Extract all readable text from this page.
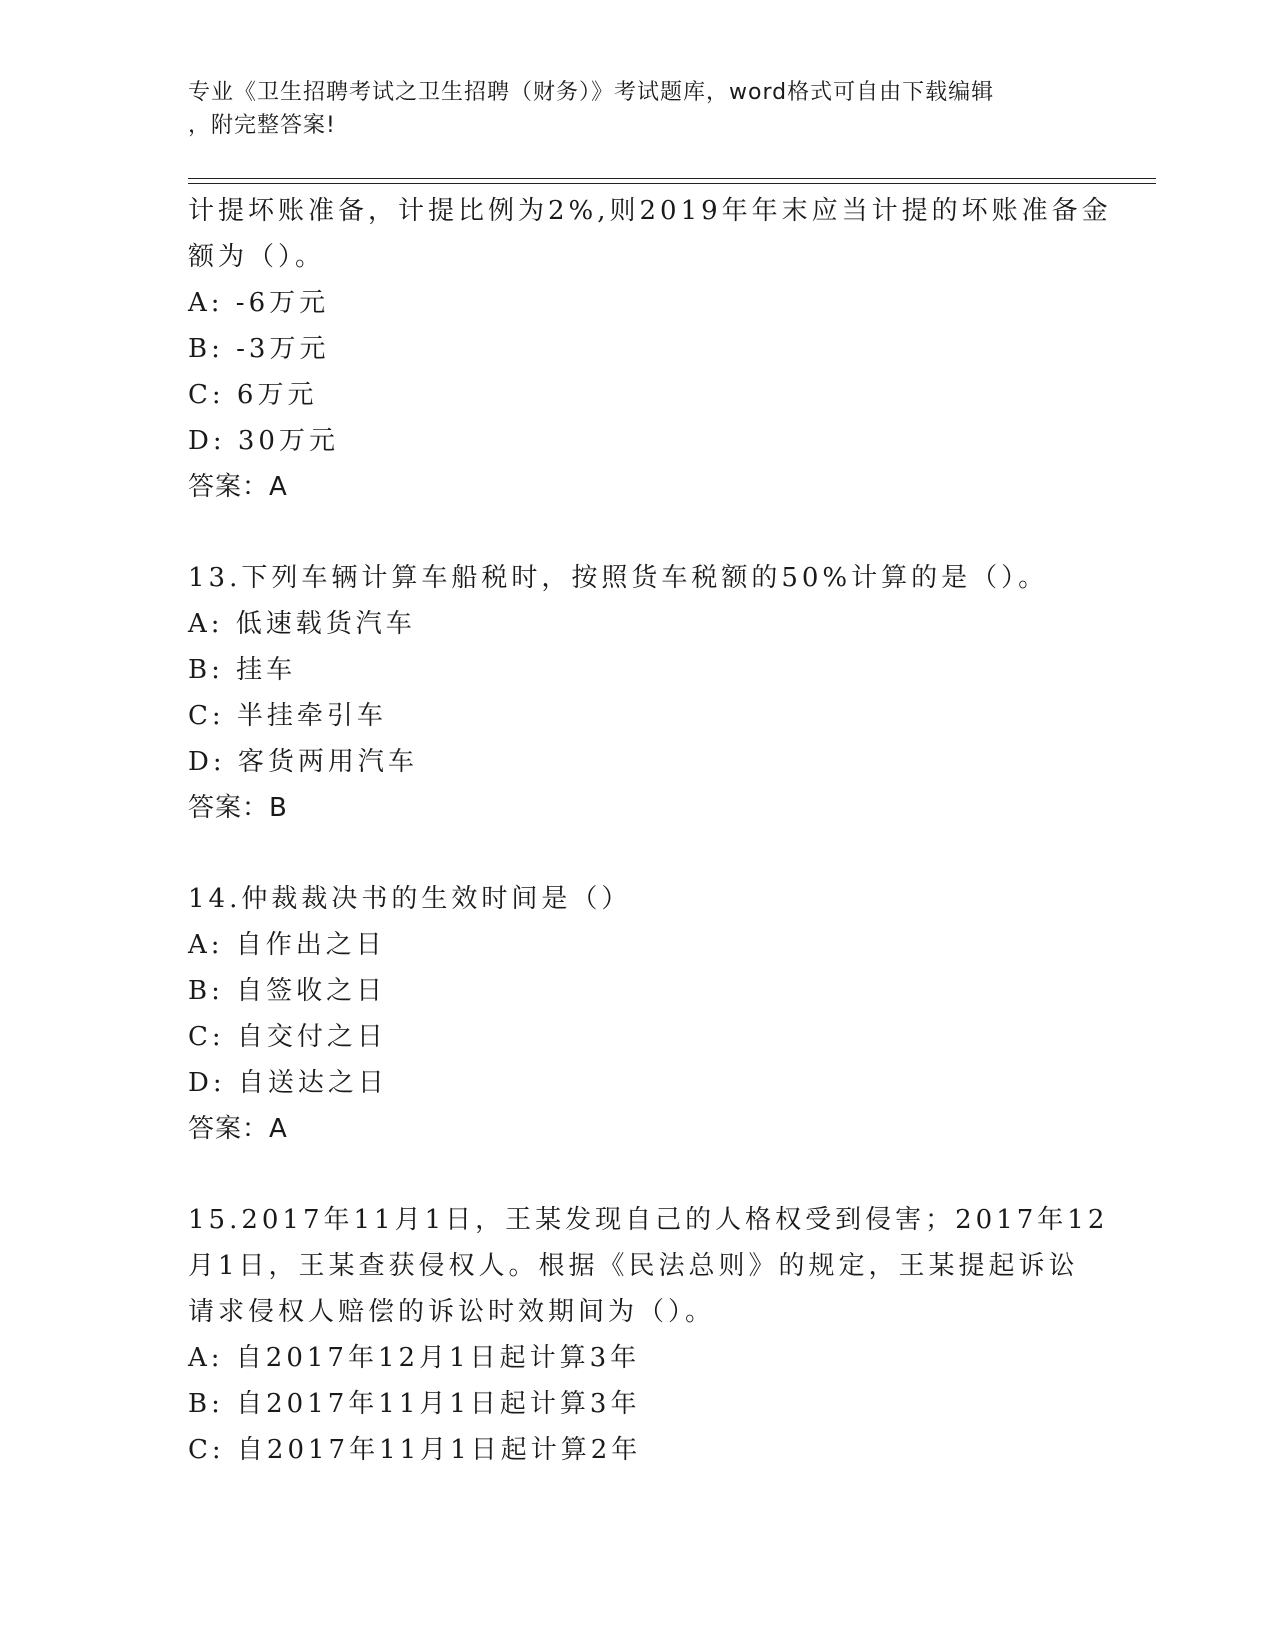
专业《卫生招聘考试之卫生招聘（财务）》考试题库，word格式可自由下载编辑
，附完整答案!
计提坏账准备，计提比例为2%,则2019年年末应当计提的坏账准备金
额为（）。
A: -6万元
B: -3万元
C: 6万元
D: 30万元
答案：A
13.下列车辆计算车船税时，按照货车税额的50%计算的是（）。
A: 低速载货汽车
B: 挂车
C: 半挂牵引车
D: 客货两用汽车
答案：B
14.仲裁裁决书的生效时间是（）
A: 自作出之日
B: 自签收之日
C: 自交付之日
D: 自送达之日
答案：A
15.2017年11月1日，王某发现自己的人格权受到侵害；2017年12
月1日，王某查获侵权人。根据《民法总则》的规定，王某提起诉讼
请求侵权人赔偿的诉讼时效期间为（）。
A: 自2017年12月1日起计算3年
B: 自2017年11月1日起计算3年
C: 自2017年11月1日起计算2年
